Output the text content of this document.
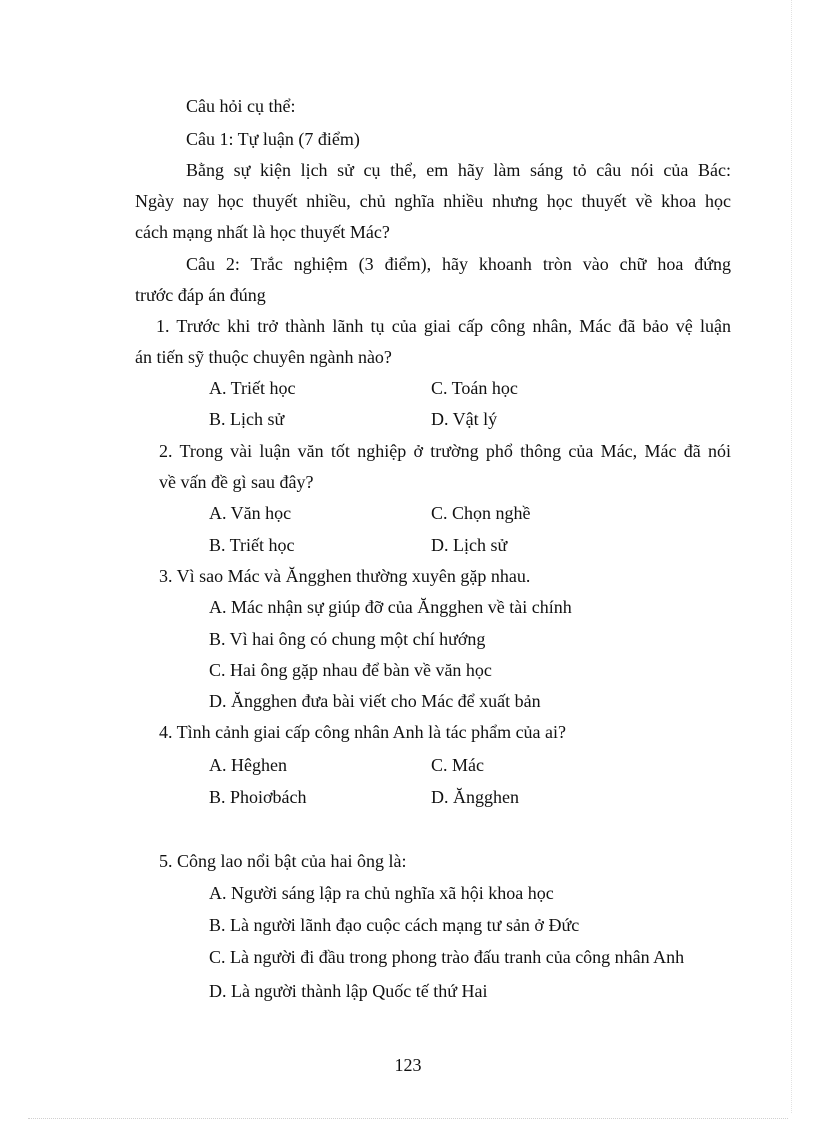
Câu hỏi cụ thể:
Câu 1: Tự luận (7 điểm)
Bằng sự kiện lịch sử cụ thể, em hãy làm sáng tỏ câu nói của Bác:
Ngày nay học thuyết nhiều, chủ nghĩa nhiều nhưng học thuyết về khoa học
cách mạng nhất là học thuyết Mác?
Câu 2: Trắc nghiệm (3 điểm), hãy khoanh tròn vào chữ hoa đứng
trước đáp án đúng
1. Trước khi trở thành lãnh tụ của giai cấp công nhân, Mác đã bảo vệ luận
án tiến sỹ thuộc chuyên ngành nào?
A. Triết học	C. Toán học
B. Lịch sử	D. Vật lý
2. Trong vài luận văn tốt nghiệp ở trường phổ thông của Mác, Mác đã nói
về vấn đề gì sau đây?
A. Văn học	C. Chọn nghề
B. Triết học	D. Lịch sử
3. Vì sao Mác và Ăngghen thường xuyên gặp nhau.
A. Mác nhận sự giúp đỡ của Ăngghen về tài chính
B. Vì hai ông có chung một chí hướng
C. Hai ông gặp nhau để bàn về văn học
D. Ăngghen đưa bài viết cho Mác để xuất bản
4. Tình cảnh giai cấp công nhân Anh là tác phẩm của ai?
A. Hêghen	C. Mác
B. Phoiơbách	D. Ăngghen
5. Công lao nổi bật của hai ông là:
A. Người sáng lập ra chủ nghĩa xã hội khoa học
B. Là người lãnh đạo cuộc cách mạng tư sản ở Đức
C. Là người đi đầu trong phong trào đấu tranh của công nhân Anh
D. Là người thành lập Quốc tế thứ Hai
123
